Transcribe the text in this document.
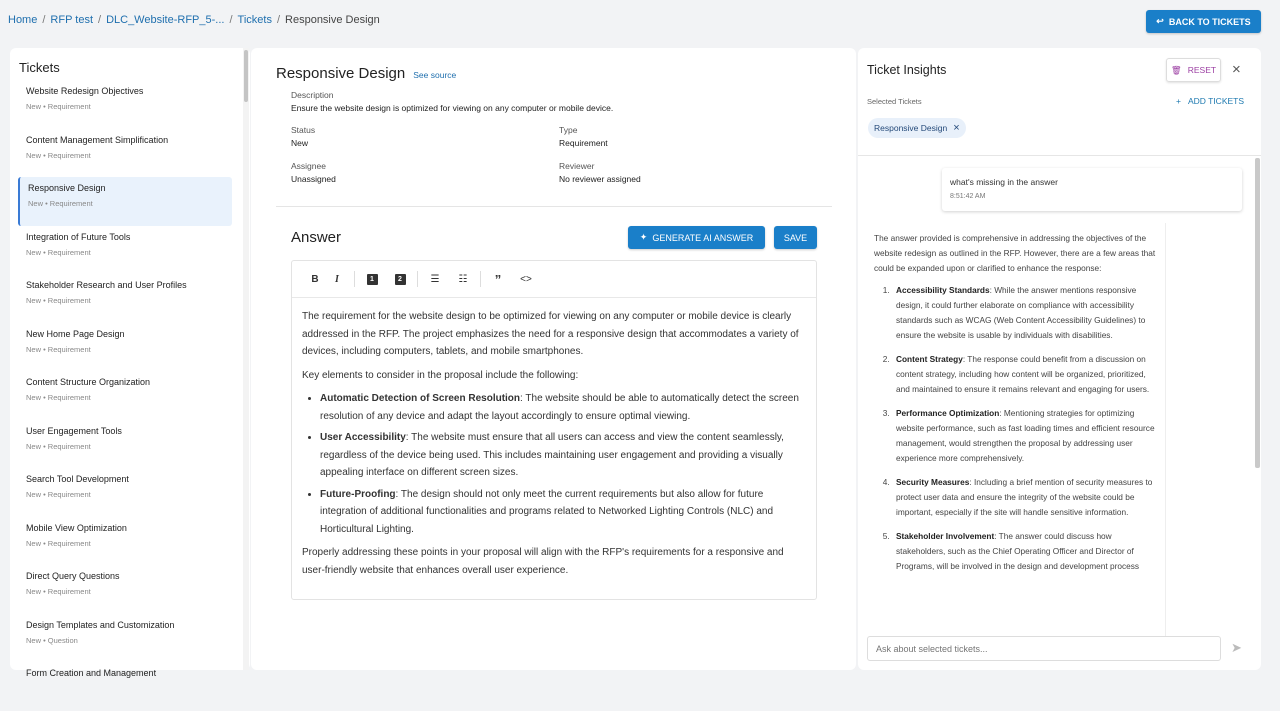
Home / RFP test / DLC_Website-RFP_5-... / Tickets / Responsive Design	↩ BACK TO TICKETS
Tickets
Website Redesign Objectives
New • Requirement
Content Management Simplification
New • Requirement
Responsive Design
New • Requirement
Integration of Future Tools
New • Requirement
Stakeholder Research and User Profiles
New • Requirement
New Home Page Design
New • Requirement
Content Structure Organization
New • Requirement
User Engagement Tools
New • Requirement
Search Tool Development
New • Requirement
Mobile View Optimization
New • Requirement
Direct Query Questions
New • Requirement
Design Templates and Customization
New • Question
Form Creation and Management
Responsive Design See source
Description
Ensure the website design is optimized for viewing on any computer or mobile device.
Status
New
Type
Requirement
Assignee
Unassigned
Reviewer
No reviewer assigned
Answer	✦ GENERATE AI ANSWER	SAVE
B	I	1	2	☰	☷	”	<>

The requirement for the website design to be optimized for viewing on any computer or mobile device is clearly addressed in the RFP. The project emphasizes the need for a responsive design that accommodates a variety of devices, including computers, tablets, and mobile smartphones.

Key elements to consider in the proposal include the following:

• Automatic Detection of Screen Resolution: The website should be able to automatically detect the screen resolution of any device and adapt the layout accordingly to ensure optimal viewing.
• User Accessibility: The website must ensure that all users can access and view the content seamlessly, regardless of the device being used. This includes maintaining user engagement and providing a visually appealing interface on different screen sizes.
• Future-Proofing: The design should not only meet the current requirements but also allow for future integration of additional functionalities and programs related to Networked Lighting Controls (NLC) and Horticultural Lighting.

Properly addressing these points in your proposal will align with the RFP's requirements for a responsive and user-friendly website that enhances overall user experience.

Ticket Insights	🗑 RESET ×
Selected Tickets	+ ADD TICKETS
Responsive Design ×
what's missing in the answer
8:51:42 AM
The answer provided is comprehensive in addressing the objectives of the website redesign as outlined in the RFP. However, there are a few areas that could be expanded upon or clarified to enhance the response:
1. Accessibility Standards: While the answer mentions responsive design, it could further elaborate on compliance with accessibility standards such as WCAG (Web Content Accessibility Guidelines) to ensure the website is usable by individuals with disabilities.
2. Content Strategy: The response could benefit from a discussion on content strategy, including how content will be organized, prioritized, and maintained to ensure it remains relevant and engaging for users.
3. Performance Optimization: Mentioning strategies for optimizing website performance, such as fast loading times and efficient resource management, would strengthen the proposal by addressing user experience more comprehensively.
4. Security Measures: Including a brief mention of security measures to protect user data and ensure the integrity of the website could be important, especially if the site will handle sensitive information.
5. Stakeholder Involvement: The answer could discuss how stakeholders, such as the Chief Operating Officer and Director of Programs, will be involved in the design and development process
Ask about selected tickets...
➤
